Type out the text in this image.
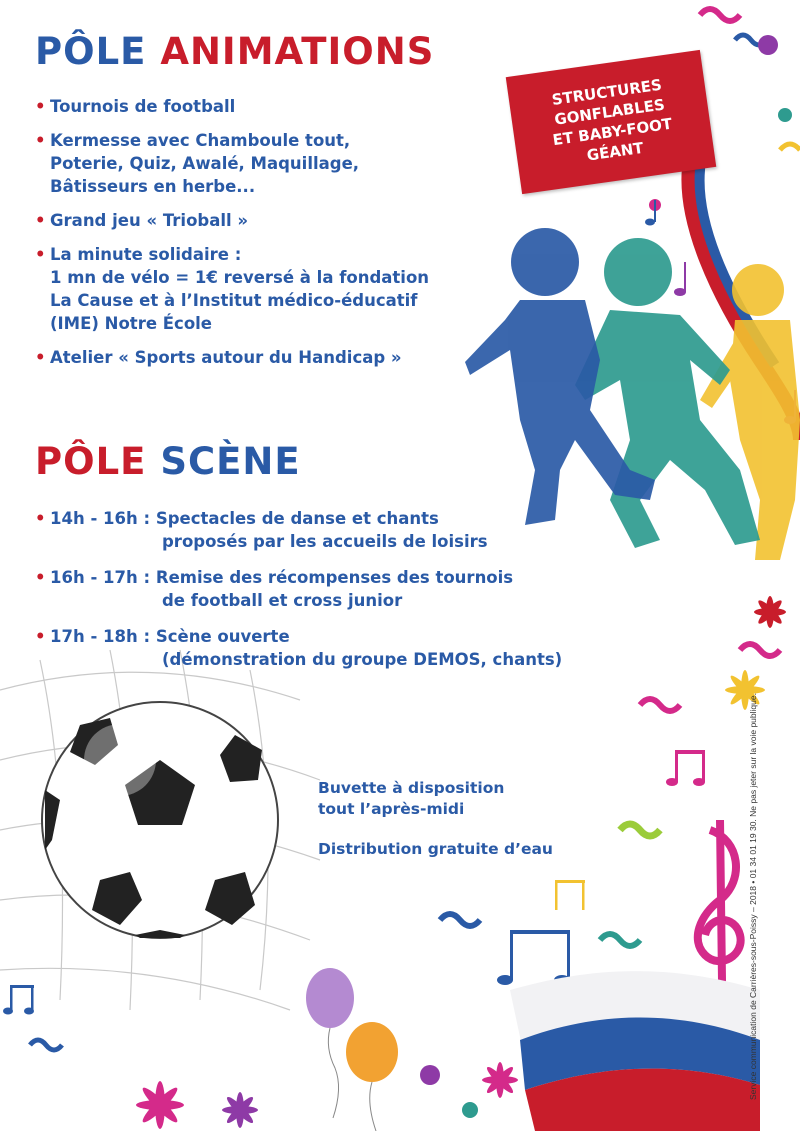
PÔLE ANIMATIONS
• Tournois de football
• Kermesse avec Chamboule tout,
Poterie, Quiz, Awalé, Maquillage,
Bâtisseurs en herbe...
• Grand jeu « Trioball »
• La minute solidaire :
1 mn de vélo = 1€ reversé à la fondation
La Cause et à l’Institut médico-éducatif
(IME) Notre École
• Atelier « Sports autour du Handicap »
STRUCTURES
GONFLABLES
ET BABY-FOOT
GÉANT
PÔLE SCÈNE
• 14h - 16h : Spectacles de danse et chants
proposés par les accueils de loisirs
• 16h - 17h : Remise des récompenses des tournois
de football et cross junior
• 17h - 18h : Scène ouverte
(démonstration du groupe DEMOS, chants)

Buvette à disposition
tout l’après-midi

Distribution gratuite d’eau	Service communication de Carrières-sous-Poissy – 2018 • 01 34 01 19 30. Ne pas jeter sur la voie publique.
